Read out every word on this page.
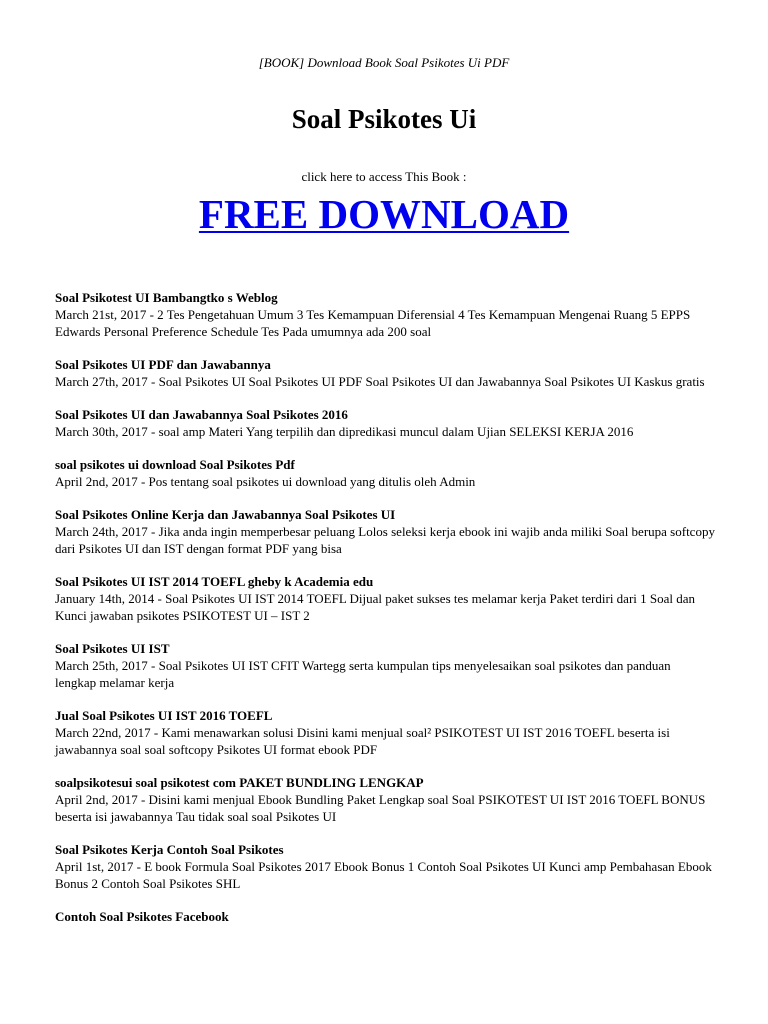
[BOOK] Download Book Soal Psikotes Ui PDF
Soal Psikotes Ui
click here to access This Book :
FREE DOWNLOAD
Soal Psikotest UI Bambangtko s Weblog
March 21st, 2017 - 2 Tes Pengetahuan Umum 3 Tes Kemampuan Diferensial 4 Tes Kemampuan Mengenai Ruang 5 EPPS Edwards Personal Preference Schedule Tes Pada umumnya ada 200 soal
Soal Psikotes UI PDF dan Jawabannya
March 27th, 2017 - Soal Psikotes UI Soal Psikotes UI PDF Soal Psikotes UI dan Jawabannya Soal Psikotes UI Kaskus gratis
Soal Psikotes UI dan Jawabannya Soal Psikotes 2016
March 30th, 2017 - soal amp Materi Yang terpilih dan dipredikasi muncul dalam Ujian SELEKSI KERJA 2016
soal psikotes ui download Soal Psikotes Pdf
April 2nd, 2017 - Pos tentang soal psikotes ui download yang ditulis oleh Admin
Soal Psikotes Online Kerja dan Jawabannya Soal Psikotes UI
March 24th, 2017 - Jika anda ingin memperbesar peluang Lolos seleksi kerja ebook ini wajib anda miliki Soal berupa softcopy dari Psikotes UI dan IST dengan format PDF yang bisa
Soal Psikotes UI IST 2014 TOEFL gheby k Academia edu
January 14th, 2014 - Soal Psikotes UI IST 2014 TOEFL Dijual paket sukses tes melamar kerja Paket terdiri dari 1 Soal dan Kunci jawaban psikotes PSIKOTEST UI – IST 2
Soal Psikotes UI IST
March 25th, 2017 - Soal Psikotes UI IST CFIT Wartegg serta kumpulan tips menyelesaikan soal psikotes dan panduan lengkap melamar kerja
Jual Soal Psikotes UI IST 2016 TOEFL
March 22nd, 2017 - Kami menawarkan solusi Disini kami menjual soal² PSIKOTEST UI IST 2016 TOEFL beserta isi jawabannya soal soal softcopy Psikotes UI format ebook PDF
soalpsikotesui soal psikotest com PAKET BUNDLING LENGKAP
April 2nd, 2017 - Disini kami menjual Ebook Bundling Paket Lengkap soal Soal PSIKOTEST UI IST 2016 TOEFL BONUS beserta isi jawabannya Tau tidak soal soal Psikotes UI
Soal Psikotes Kerja Contoh Soal Psikotes
April 1st, 2017 - E book Formula Soal Psikotes 2017 Ebook Bonus 1 Contoh Soal Psikotes UI Kunci amp Pembahasan Ebook Bonus 2 Contoh Soal Psikotes SHL
Contoh Soal Psikotes Facebook
